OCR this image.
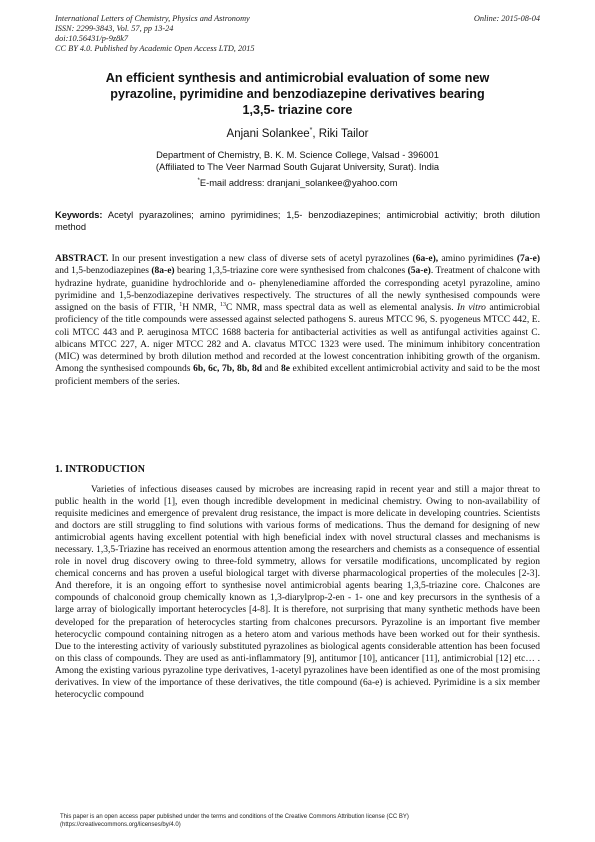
International Letters of Chemistry, Physics and Astronomy	Online: 2015-08-04
ISSN: 2299-3843, Vol. 57, pp 13-24
doi:10.56431/p-9z8k7
CC BY 4.0. Published by Academic Open Access LTD, 2015
An efficient synthesis and antimicrobial evaluation of some new
pyrazoline, pyrimidine and benzodiazepine derivatives bearing
1,3,5- triazine core
Anjani Solankee*, Riki Tailor
Department of Chemistry, B. K. M. Science College, Valsad - 396001
(Affiliated to The Veer Narmad South Gujarat University, Surat). India
*E-mail address: dranjani_solankee@yahoo.com
Keywords: Acetyl pyarazolines; amino pyrimidines; 1,5- benzodiazepines; antimicrobial activitiy; broth dilution method
ABSTRACT. In our present investigation a new class of diverse sets of acetyl pyrazolines (6a-e), amino pyrimidines (7a-e) and 1,5-benzodiazepines (8a-e) bearing 1,3,5-triazine core were synthesised from chalcones (5a-e). Treatment of chalcone with hydrazine hydrate, guanidine hydrochloride and o- phenylenediamine afforded the corresponding acetyl pyrazoline, amino pyrimidine and 1,5-benzodiazepine derivatives respectively. The structures of all the newly synthesised compounds were assigned on the basis of FTIR, $^1$H NMR, $^{13}$C NMR, mass spectral data as well as elemental analysis. In vitro antimicrobial proficiency of the title compounds were assessed against selected pathogens S. aureus MTCC 96, S. pyogeneus MTCC 442, E. coli MTCC 443 and P. aeruginosa MTCC 1688 bacteria for antibacterial activities as well as antifungal activities against C. albicans MTCC 227, A. niger MTCC 282 and A. clavatus MTCC 1323 were used. The minimum inhibitory concentration (MIC) was determined by broth dilution method and recorded at the lowest concentration inhibiting growth of the organism. Among the synthesised compounds 6b, 6c, 7b, 8b, 8d and 8e exhibited excellent antimicrobial activity and said to be the most proficient members of the series.
1. INTRODUCTION
Varieties of infectious diseases caused by microbes are increasing rapid in recent year and still a major threat to public health in the world [1], even though incredible development in medicinal chemistry. Owing to non-availability of requisite medicines and emergence of prevalent drug resistance, the impact is more delicate in developing countries. Scientists and doctors are still struggling to find solutions with various forms of medications. Thus the demand for designing of new antimicrobial agents having excellent potential with high beneficial index with novel structural classes and mechanisms is necessary. 1,3,5-Triazine has received an enormous attention among the researchers and chemists as a consequence of essential role in novel drug discovery owing to three-fold symmetry, allows for versatile modifications, uncomplicated by region chemical concerns and has proven a useful biological target with diverse pharmacological properties of the molecules [2-3]. And therefore, it is an ongoing effort to synthesise novel antimicrobial agents bearing 1,3,5-triazine core. Chalcones are compounds of chalconoid group chemically known as 1,3-diarylprop-2-en - 1- one and key precursors in the synthesis of a large array of biologically important heterocycles [4-8]. It is therefore, not surprising that many synthetic methods have been developed for the preparation of heterocycles starting from chalcones precursors. Pyrazoline is an important five member heterocyclic compound containing nitrogen as a hetero atom and various methods have been worked out for their synthesis. Due to the interesting activity of variously substituted pyrazolines as biological agents considerable attention has been focused on this class of compounds. They are used as anti-inflammatory [9], antitumor [10], anticancer [11], antimicrobial [12] etc… . Among the existing various pyrazoline type derivatives, 1-acetyl pyrazolines have been identified as one of the most promising derivatives. In view of the importance of these derivatives, the title compound (6a-e) is achieved. Pyrimidine is a six member heterocyclic compound
This paper is an open access paper published under the terms and conditions of the Creative Commons Attribution license (CC BY)
(https://creativecommons.org/licenses/by/4.0)
